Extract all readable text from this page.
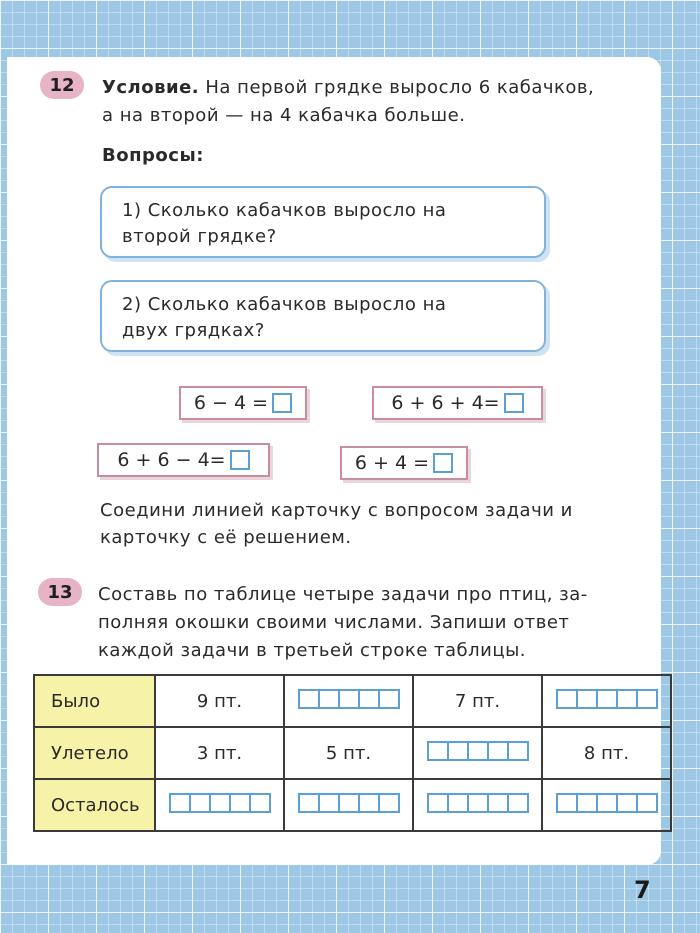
12 Условие. На первой грядке выросло 6 кабачков,

а на второй — на 4 кабачка больше.

Вопросы:

1) Сколько кабачков выросло на
второй грядке?
2) Сколько кабачков выросло на
двух грядках?
6 − 4 =	6 + 6 + 4=
6 + 6 − 4=	6 + 4 =

Соедини линией карточку с вопросом задачи и

карточку с её решением.

13 Составь по таблице четыре задачи про птиц, за-

полняя окошки своими числами. Запиши ответ

каждой задачи в третьей строке таблицы.

Было	9 пт.		7 пт.	

Улетело	3 пт.	5 пт.		8 пт.
Осталось	

7
